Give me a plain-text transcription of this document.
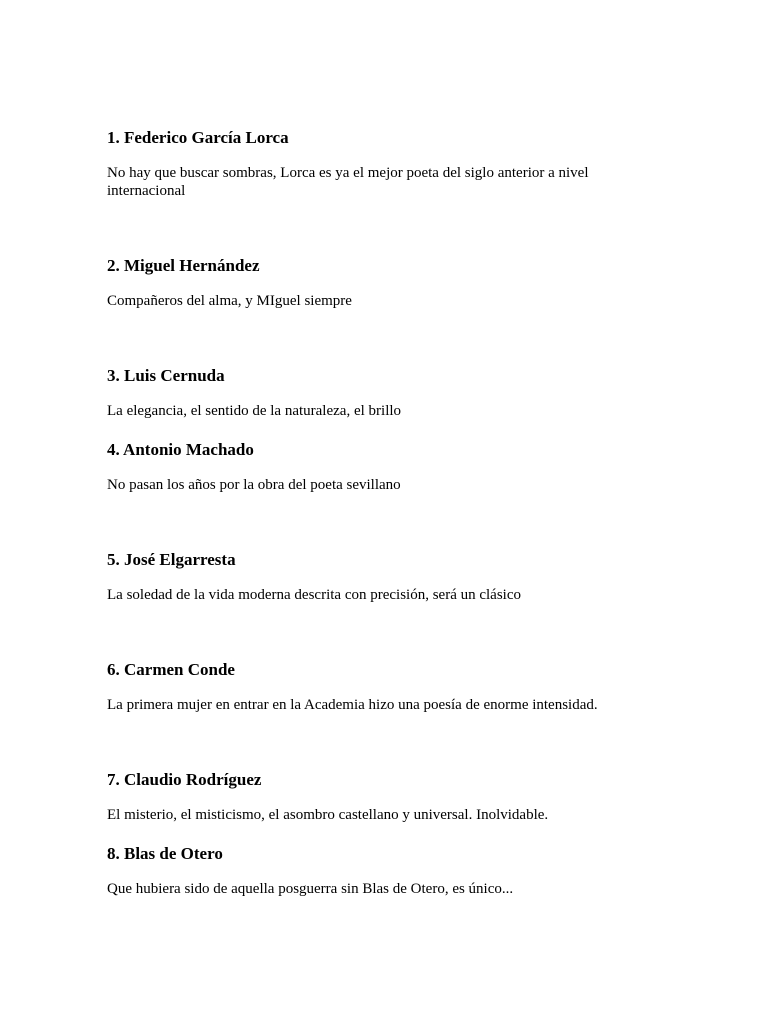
1. Federico García Lorca

No hay que buscar sombras, Lorca es ya el mejor poeta del siglo anterior a nivel internacional

2. Miguel Hernández

Compañeros del alma, y MIguel siempre

3. Luis Cernuda

La elegancia, el sentido de la naturaleza, el brillo

4. Antonio Machado

No pasan los años por la obra del poeta sevillano

5. José Elgarresta

La soledad de la vida moderna descrita con precisión, será un clásico

6. Carmen Conde

La primera mujer en entrar en la Academia hizo una poesía de enorme intensidad.

7. Claudio Rodríguez

El misterio, el misticismo, el asombro castellano y universal. Inolvidable.

8. Blas de Otero

Que hubiera sido de aquella posguerra sin Blas de Otero, es único...
